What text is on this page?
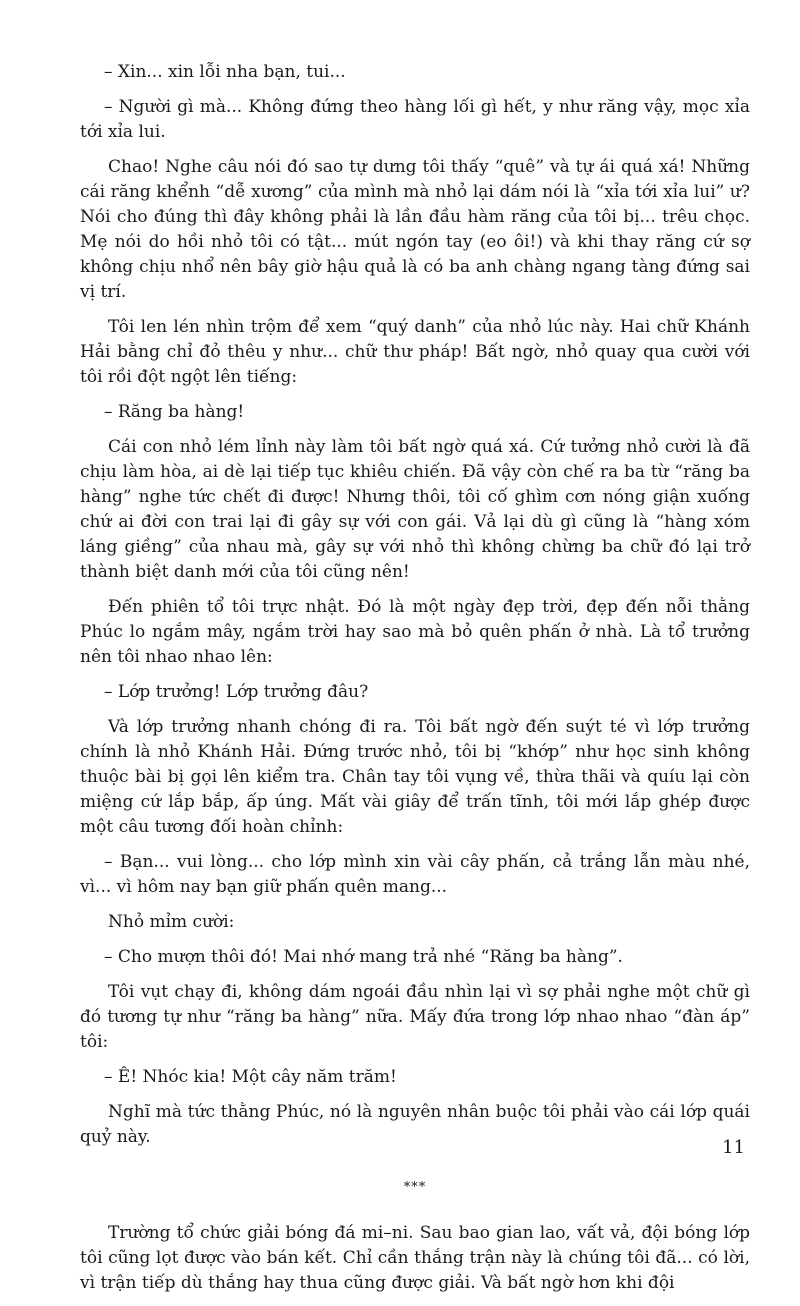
– Xin... xin lỗi nha bạn, tui...

– Người gì mà... Không đứng theo hàng lối gì hết, y như răng vậy, mọc xỉa tới xỉa lui.

Chao! Nghe câu nói đó sao tự dưng tôi thấy “quê” và tự ái quá xá! Những cái răng khểnh “dễ xương” của mình mà nhỏ lại dám nói là “xỉa tới xỉa lui” ư? Nói cho đúng thì đây không phải là lần đầu hàm răng của tôi bị... trêu chọc. Mẹ nói do hồi nhỏ tôi có tật... mút ngón tay (eo ôi!) và khi thay răng cứ sợ không chịu nhổ nên bây giờ hậu quả là có ba anh chàng ngang tàng đứng sai vị trí.

Tôi len lén nhìn trộm để xem “quý danh” của nhỏ lúc này. Hai chữ Khánh Hải bằng chỉ đỏ thêu y như... chữ thư pháp! Bất ngờ, nhỏ quay qua cười với tôi rồi đột ngột lên tiếng:

– Răng ba hàng!

Cái con nhỏ lém lỉnh này làm tôi bất ngờ quá xá. Cứ tưởng nhỏ cười là đã chịu làm hòa, ai dè lại tiếp tục khiêu chiến. Đã vậy còn chế ra ba từ “răng ba hàng” nghe tức chết đi được! Nhưng thôi, tôi cố ghìm cơn nóng giận xuống chứ ai đời con trai lại đi gây sự với con gái. Vả lại dù gì cũng là “hàng xóm láng giềng” của nhau mà, gây sự với nhỏ thì không chừng ba chữ đó lại trở thành biệt danh mới của tôi cũng nên!

Đến phiên tổ tôi trực nhật. Đó là một ngày đẹp trời, đẹp đến nỗi thằng Phúc lo ngắm mây, ngắm trời hay sao mà bỏ quên phấn ở nhà. Là tổ trưởng nên tôi nhao nhao lên:

– Lớp trưởng! Lớp trưởng đâu?

Và lớp trưởng nhanh chóng đi ra. Tôi bất ngờ đến suýt té vì lớp trưởng chính là nhỏ Khánh Hải. Đứng trước nhỏ, tôi bị “khớp” như học sinh không thuộc bài bị gọi lên kiểm tra. Chân tay tôi vụng về, thừa thãi và quíu lại còn miệng cứ lắp bắp, ấp úng. Mất vài giây để trấn tĩnh, tôi mới lắp ghép được một câu tương đối hoàn chỉnh:

– Bạn... vui lòng... cho lớp mình xin vài cây phấn, cả trắng lẫn màu nhé, vì... vì hôm nay bạn giữ phấn quên mang...

Nhỏ mỉm cười:

– Cho mượn thôi đó! Mai nhớ mang trả nhé “Răng ba hàng”.

Tôi vụt chạy đi, không dám ngoái đầu nhìn lại vì sợ phải nghe một chữ gì đó tương tự như “răng ba hàng” nữa. Mấy đứa trong lớp nhao nhao “đàn áp” tôi:

– Ê! Nhóc kia! Một cây năm trăm!

Nghĩ mà tức thằng Phúc, nó là nguyên nhân buộc tôi phải vào cái lớp quái quỷ này.

***

Trường tổ chức giải bóng đá mi–ni. Sau bao gian lao, vất vả, đội bóng lớp tôi cũng lọt được vào bán kết. Chỉ cần thắng trận này là chúng tôi đã... có lời, vì trận tiếp dù thắng hay thua cũng được giải. Và bất ngờ hơn khi đội

11
